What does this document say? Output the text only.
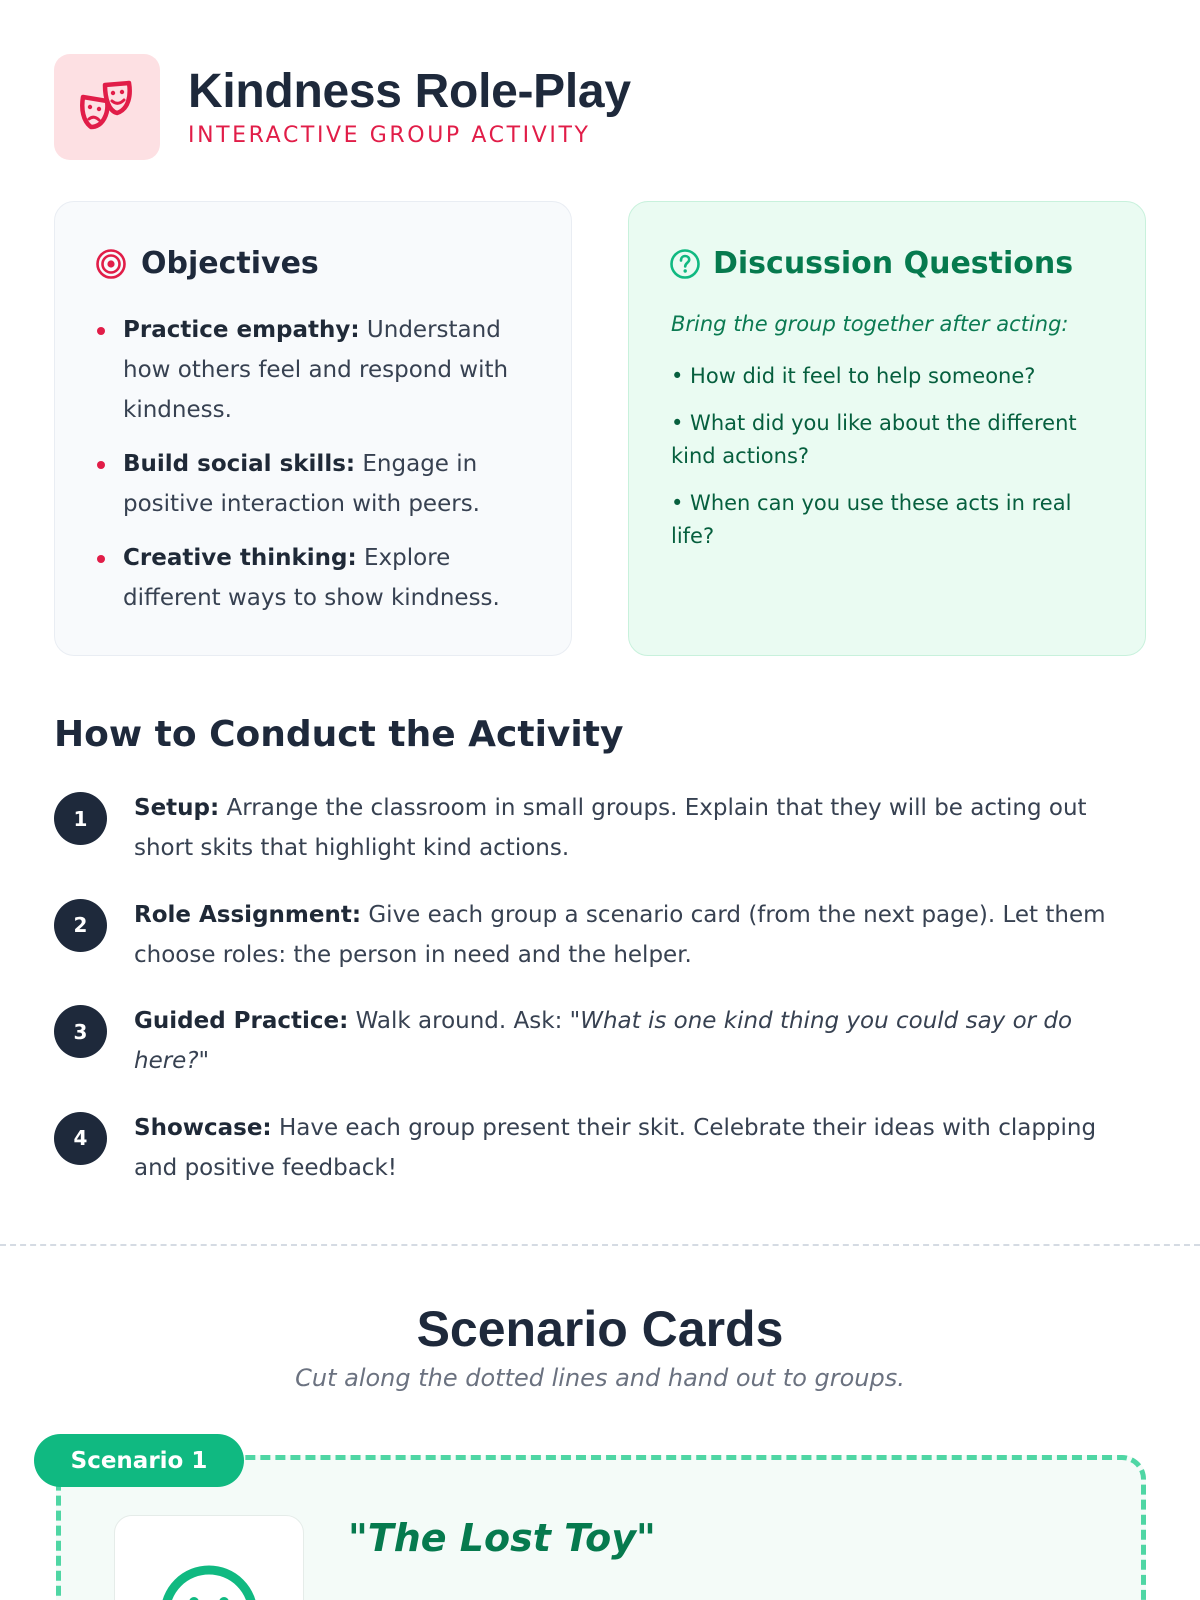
Kindness Role-Play
INTERACTIVE GROUP ACTIVITY
Objectives
Practice empathy: Understand how others feel and respond with kindness.
Build social skills: Engage in positive interaction with peers.
Creative thinking: Explore different ways to show kindness.
Discussion Questions
Bring the group together after acting:
• How did it feel to help someone?
• What did you like about the different kind actions?
• When can you use these acts in real life?
How to Conduct the Activity
1	Setup: Arrange the classroom in small groups. Explain that they will be acting out short skits that highlight kind actions.
2	Role Assignment: Give each group a scenario card (from the next page). Let them choose roles: the person in need and the helper.
3	Guided Practice: Walk around. Ask: "What is one kind thing you could say or do here?"
4	Showcase: Have each group present their skit. Celebrate their ideas with clapping and positive feedback!
Scenario Cards
Cut along the dotted lines and hand out to groups.
Scenario 1
"The Lost Toy"
